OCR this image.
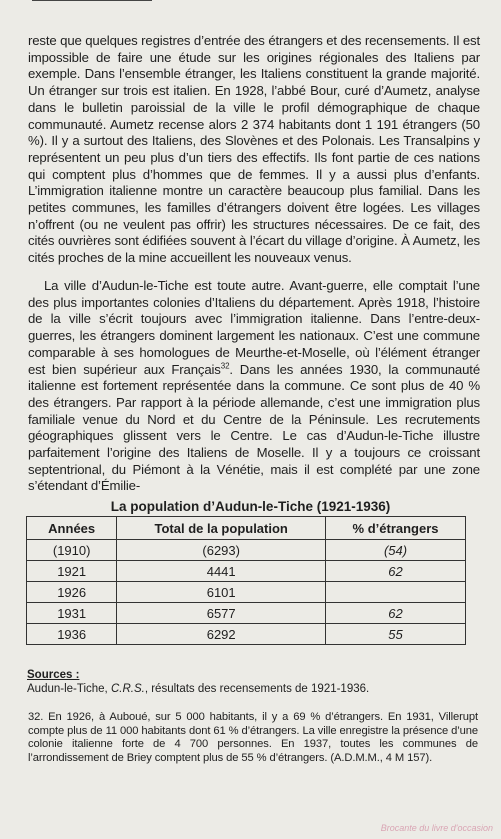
reste que quelques registres d’entrée des étrangers et des recensements. Il est impossible de faire une étude sur les origines régionales des Italiens par exemple. Dans l’ensemble étranger, les Italiens constituent la grande majorité. Un étranger sur trois est italien. En 1928, l’abbé Bour, curé d’Aumetz, analyse dans le bulletin paroissial de la ville le profil démographique de chaque communauté. Aumetz recense alors 2 374 habitants dont 1 191 étrangers (50 %). Il y a surtout des Italiens, des Slovènes et des Polonais. Les Transalpins y représentent un peu plus d’un tiers des effectifs. Ils font partie de ces nations qui comptent plus d’hommes que de femmes. Il y a aussi plus d’enfants. L’immigration italienne montre un caractère beaucoup plus familial. Dans les petites communes, les familles d’étrangers doivent être logées. Les villages n’offrent (ou ne veulent pas offrir) les structures nécessaires. De ce fait, des cités ouvrières sont édifiées souvent à l’écart du village d’origine. À Aumetz, les cités proches de la mine accueillent les nouveaux venus.

La ville d’Audun-le-Tiche est toute autre. Avant-guerre, elle comptait l’une des plus importantes colonies d’Italiens du département. Après 1918, l’histoire de la ville s’écrit toujours avec l’immigration italienne. Dans l’entre-deux-guerres, les étrangers dominent largement les nationaux. C’est une commune comparable à ses homologues de Meurthe-et-Moselle, où l’élément étranger est bien supérieur aux Français$^{32}$. Dans les années 1930, la communauté italienne est fortement représentée dans la commune. Ce sont plus de 40 % des étrangers. Par rapport à la période allemande, c’est une immigration plus familiale venue du Nord et du Centre de la Péninsule. Les recrutements géographiques glissent vers le Centre. Le cas d’Audun-le-Tiche illustre parfaitement l’origine des Italiens de Moselle. Il y a toujours ce croissant septentrional, du Piémont à la Vénétie, mais il est complété par une zone s’étendant d’Émilie-

La population d’Audun-le-Tiche (1921-1936)
Années	Total de la population	% d’étrangers
(1910)	(6293)	(54)
1921	4441	62
1926	6101	
1931	6577	62
1936	6292	55
Sources :
Audun-le-Tiche, C.R.S., résultats des recensements de 1921-1936.

32. En 1926, à Auboué, sur 5 000 habitants, il y a 69 % d’étrangers. En 1931, Villerupt compte plus de 11 000 habitants dont 61 % d’étrangers. La ville enregistre la présence d’une colonie italienne forte de 4 700 personnes. En 1937, toutes les communes de l’arrondissement de Briey comptent plus de 55 % d’étrangers. (A.D.M.M., 4 M 157).

Brocante du livre d'occasion
